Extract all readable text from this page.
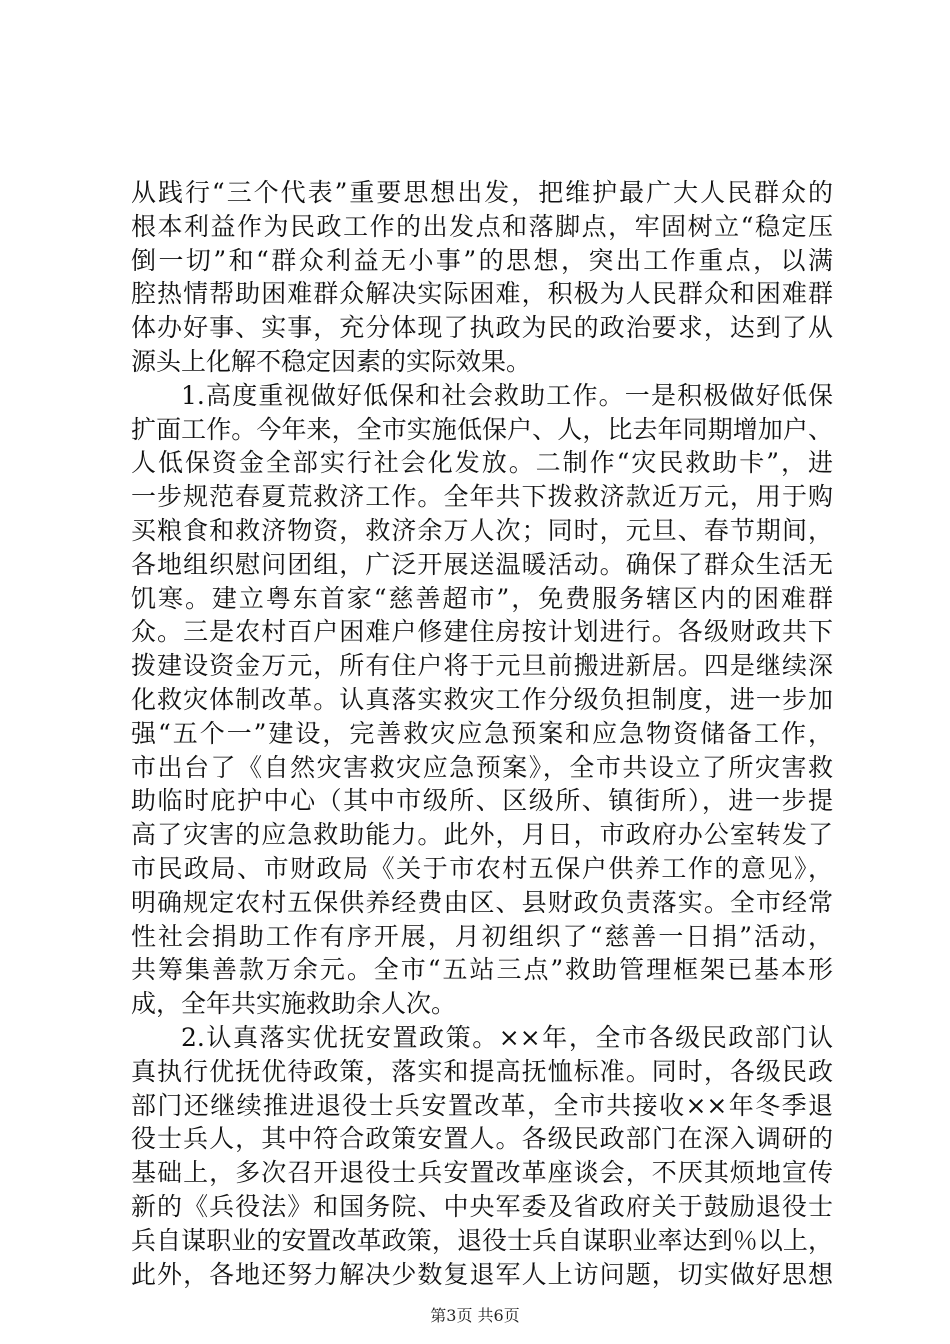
从践行“三个代表”重要思想出发，把维护最广大人民群众的
根本利益作为民政工作的出发点和落脚点，牢固树立“稳定压
倒一切”和“群众利益无小事”的思想，突出工作重点，以满
腔热情帮助困难群众解决实际困难，积极为人民群众和困难群
体办好事、实事，充分体现了执政为民的政治要求，达到了从
源头上化解不稳定因素的实际效果。
1.高度重视做好低保和社会救助工作。一是积极做好低保
扩面工作。今年来，全市实施低保户、人，比去年同期增加户、
人低保资金全部实行社会化发放。二制作“灾民救助卡”，进
一步规范春夏荒救济工作。全年共下拨救济款近万元，用于购
买粮食和救济物资，救济余万人次；同时，元旦、春节期间，
各地组织慰问团组，广泛开展送温暖活动。确保了群众生活无
饥寒。建立粤东首家“慈善超市”，免费服务辖区内的困难群
众。三是农村百户困难户修建住房按计划进行。各级财政共下
拨建设资金万元，所有住户将于元旦前搬进新居。四是继续深
化救灾体制改革。认真落实救灾工作分级负担制度，进一步加
强“五个一”建设，完善救灾应急预案和应急物资储备工作，
市出台了《自然灾害救灾应急预案》，全市共设立了所灾害救
助临时庇护中心（其中市级所、区级所、镇街所），进一步提
高了灾害的应急救助能力。此外，月日，市政府办公室转发了
市民政局、市财政局《关于市农村五保户供养工作的意见》，
明确规定农村五保供养经费由区、县财政负责落实。全市经常
性社会捐助工作有序开展，月初组织了“慈善一日捐”活动，
共筹集善款万余元。全市“五站三点”救助管理框架已基本形
成，全年共实施救助余人次。
2.认真落实优抚安置政策。××年，全市各级民政部门认
真执行优抚优待政策，落实和提高抚恤标准。同时，各级民政
部门还继续推进退役士兵安置改革，全市共接收××年冬季退
役士兵人，其中符合政策安置人。各级民政部门在深入调研的
基础上，多次召开退役士兵安置改革座谈会，不厌其烦地宣传
新的《兵役法》和国务院、中央军委及省政府关于鼓励退役士
兵自谋职业的安置改革政策，退役士兵自谋职业率达到％以上，
此外，各地还努力解决少数复退军人上访问题，切实做好思想
第3页 共6页
